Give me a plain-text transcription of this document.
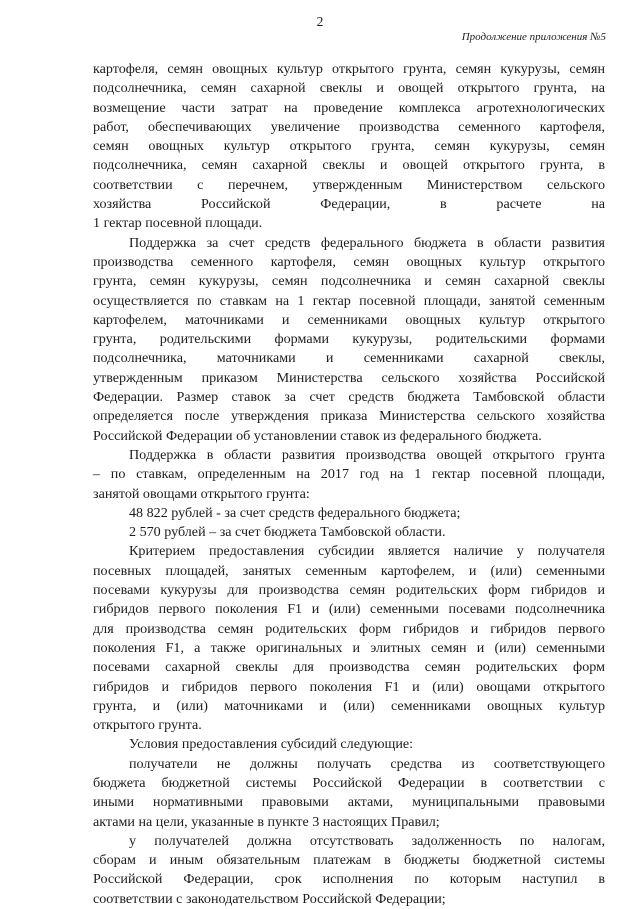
2
Продолжение приложения №5
картофеля, семян овощных культур открытого грунта, семян кукурузы, семян
подсолнечника, семян сахарной свеклы и овощей открытого грунта, на
возмещение части затрат на проведение комплекса агротехнологических
работ, обеспечивающих увеличение производства семенного картофеля,
семян овощных культур открытого грунта, семян кукурузы, семян
подсолнечника, семян сахарной свеклы и овощей открытого грунта, в
соответствии с перечнем, утвержденным Министерством сельского
хозяйства Российской Федерации, в расчете на
1 гектар посевной площади.
Поддержка за счет средств федерального бюджета в области развития
производства семенного картофеля, семян овощных культур открытого
грунта, семян кукурузы, семян подсолнечника и семян сахарной свеклы
осуществляется по ставкам на 1 гектар посевной площади, занятой семенным
картофелем, маточниками и семенниками овощных культур открытого
грунта, родительскими формами кукурузы, родительскими формами
подсолнечника, маточниками и семенниками сахарной свеклы,
утвержденным приказом Министерства сельского хозяйства Российской
Федерации. Размер ставок за счет средств бюджета Тамбовской области
определяется после утверждения приказа Министерства сельского хозяйства
Российской Федерации об установлении ставок из федерального бюджета.
Поддержка в области развития производства овощей открытого грунта
– по ставкам, определенным на 2017 год на 1 гектар посевной площади,
занятой овощами открытого грунта:
48 822 рублей - за счет средств федерального бюджета;
2 570 рублей – за счет бюджета Тамбовской области.
Критерием предоставления субсидии является наличие у получателя
посевных площадей, занятых семенным картофелем, и (или) семенными
посевами кукурузы для производства семян родительских форм гибридов и
гибридов первого поколения F1 и (или) семенными посевами подсолнечника
для производства семян родительских форм гибридов и гибридов первого
поколения F1, а также оригинальных и элитных семян и (или) семенными
посевами сахарной свеклы для производства семян родительских форм
гибридов и гибридов первого поколения F1 и (или) овощами открытого
грунта, и (или) маточниками и (или) семенниками овощных культур
открытого грунта.
Условия предоставления субсидий следующие:
получатели не должны получать средства из соответствующего
бюджета бюджетной системы Российской Федерации в соответствии с
иными нормативными правовыми актами, муниципальными правовыми
актами на цели, указанные в пункте 3 настоящих Правил;
у получателей должна отсутствовать задолженность по налогам,
сборам и иным обязательным платежам в бюджеты бюджетной системы
Российской Федерации, срок исполнения по которым наступил в
соответствии с законодательством Российской Федерации;
